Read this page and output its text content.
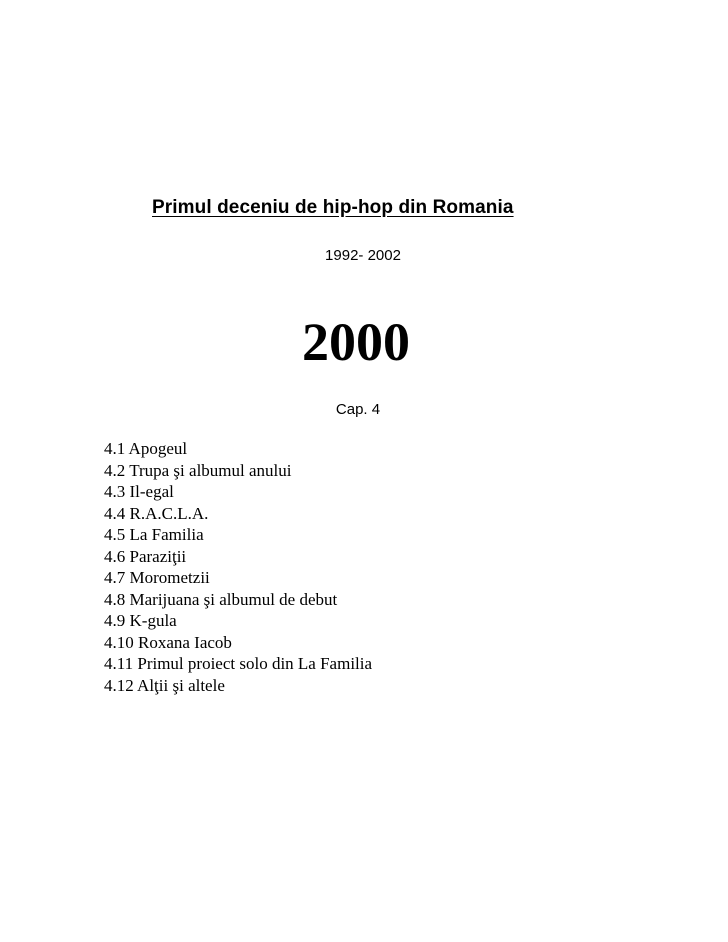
Primul deceniu de hip-hop din Romania
1992- 2002
2000
Cap. 4
4.1 Apogeul
4.2 Trupa şi albumul anului
4.3 Il-egal
4.4 R.A.C.L.A.
4.5 La Familia
4.6 Paraziţii
4.7 Morometzii
4.8 Marijuana şi albumul de debut
4.9 K-gula
4.10 Roxana Iacob
4.11 Primul proiect solo din La Familia
4.12 Alţii şi altele
